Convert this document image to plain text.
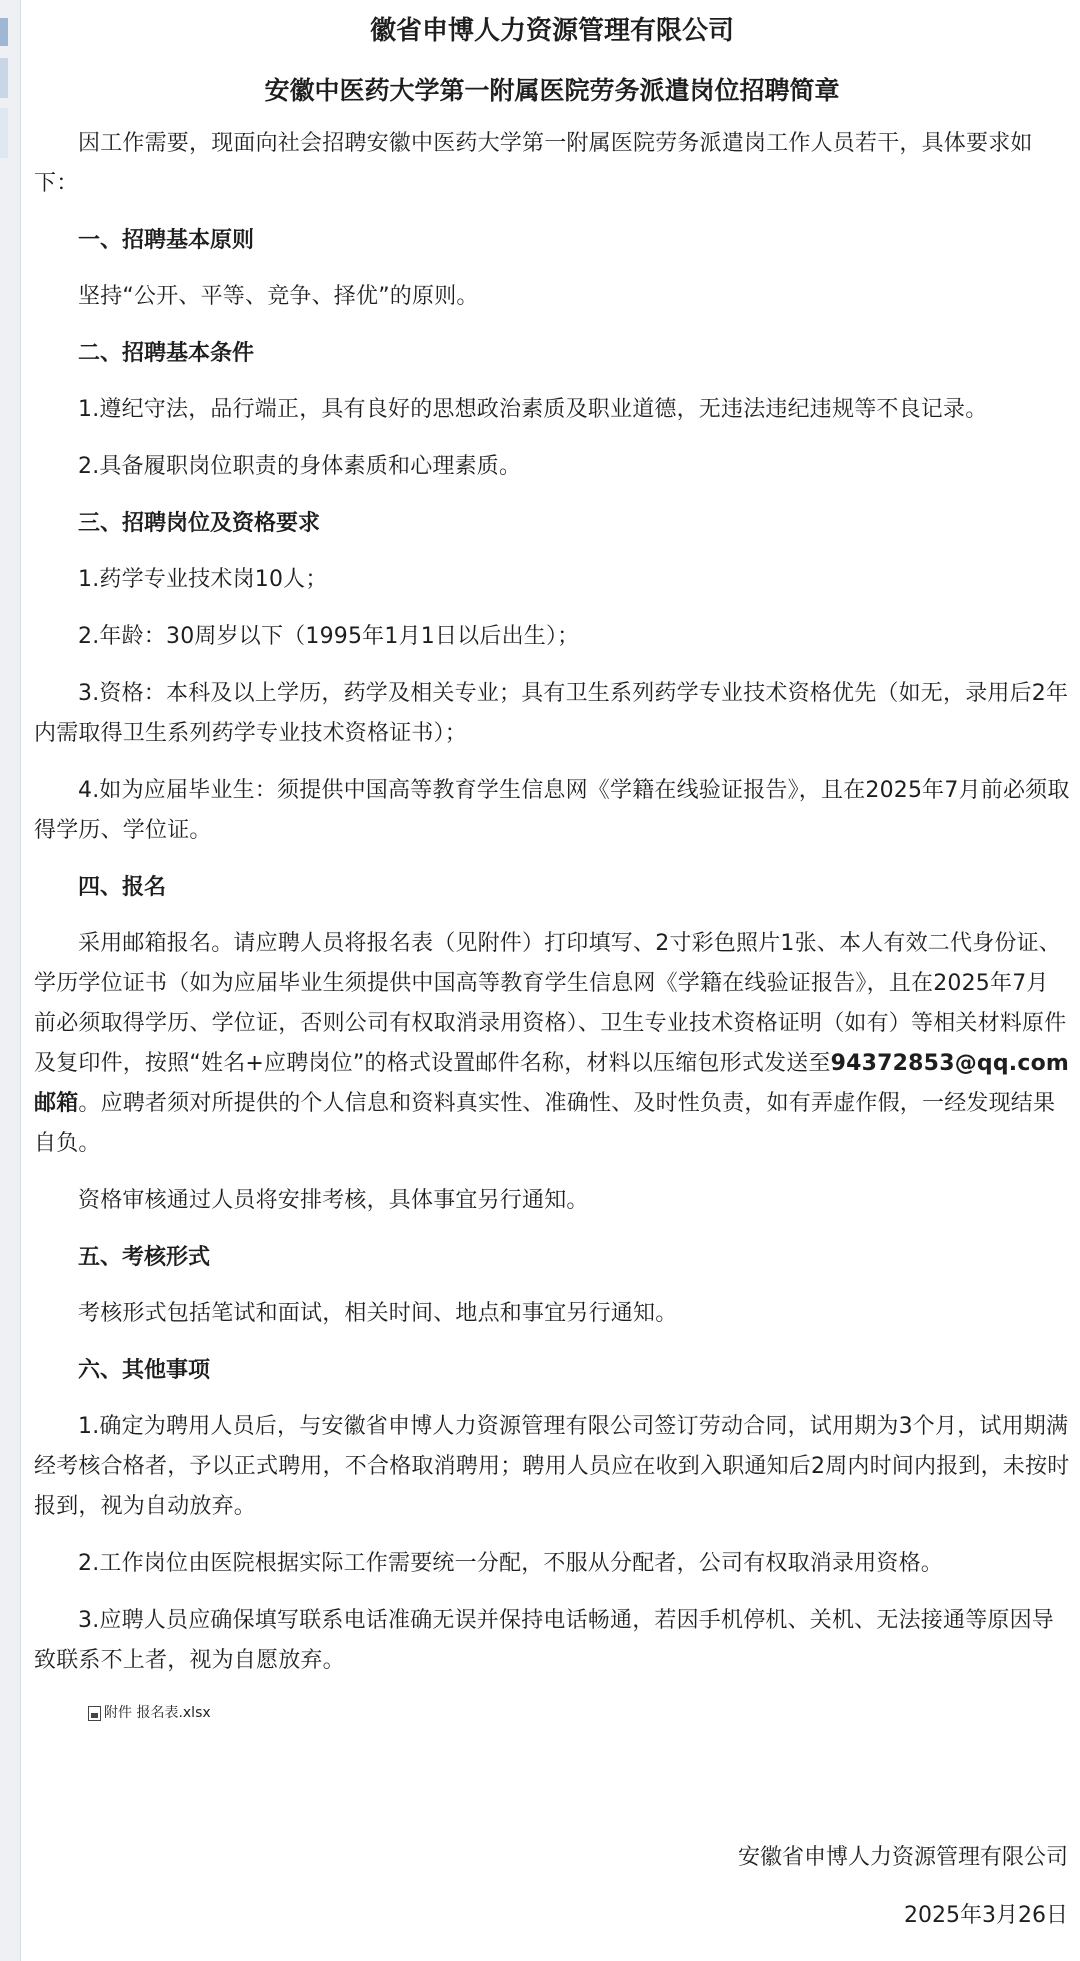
徽省申博人力资源管理有限公司
安徽中医药大学第一附属医院劳务派遣岗位招聘简章

因工作需要，现面向社会招聘安徽中医药大学第一附属医院劳务派遣岗工作人员若干，具体要求如下：

一、招聘基本原则

坚持“公开、平等、竞争、择优”的原则。

二、招聘基本条件

1.遵纪守法，品行端正，具有良好的思想政治素质及职业道德，无违法违纪违规等不良记录。

2.具备履职岗位职责的身体素质和心理素质。

三、招聘岗位及资格要求

1.药学专业技术岗10人；

2.年龄：30周岁以下（1995年1月1日以后出生）；

3.资格：本科及以上学历，药学及相关专业；具有卫生系列药学专业技术资格优先（如无，录用后2年内需取得卫生系列药学专业技术资格证书）；

4.如为应届毕业生：须提供中国高等教育学生信息网《学籍在线验证报告》，且在2025年7月前必须取得学历、学位证。

四、报名

采用邮箱报名。请应聘人员将报名表（见附件）打印填写、2寸彩色照片1张、本人有效二代身份证、学历学位证书（如为应届毕业生须提供中国高等教育学生信息网《学籍在线验证报告》，且在2025年7月前必须取得学历、学位证，否则公司有权取消录用资格）、卫生专业技术资格证明（如有）等相关材料原件及复印件，按照“姓名+应聘岗位”的格式设置邮件名称，材料以压缩包形式发送至94372853@qq.com邮箱。应聘者须对所提供的个人信息和资料真实性、准确性、及时性负责，如有弄虚作假，一经发现结果自负。

资格审核通过人员将安排考核，具体事宜另行通知。

五、考核形式

考核形式包括笔试和面试，相关时间、地点和事宜另行通知。

六、其他事项

1.确定为聘用人员后，与安徽省申博人力资源管理有限公司签订劳动合同，试用期为3个月，试用期满经考核合格者，予以正式聘用，不合格取消聘用；聘用人员应在收到入职通知后2周内时间内报到，未按时报到，视为自动放弃。

2.工作岗位由医院根据实际工作需要统一分配，不服从分配者，公司有权取消录用资格。

3.应聘人员应确保填写联系电话准确无误并保持电话畅通，若因手机停机、关机、无法接通等原因导致联系不上者，视为自愿放弃。

附件 报名表.xlsx
安徽省申博人力资源管理有限公司
2025年3月26日
